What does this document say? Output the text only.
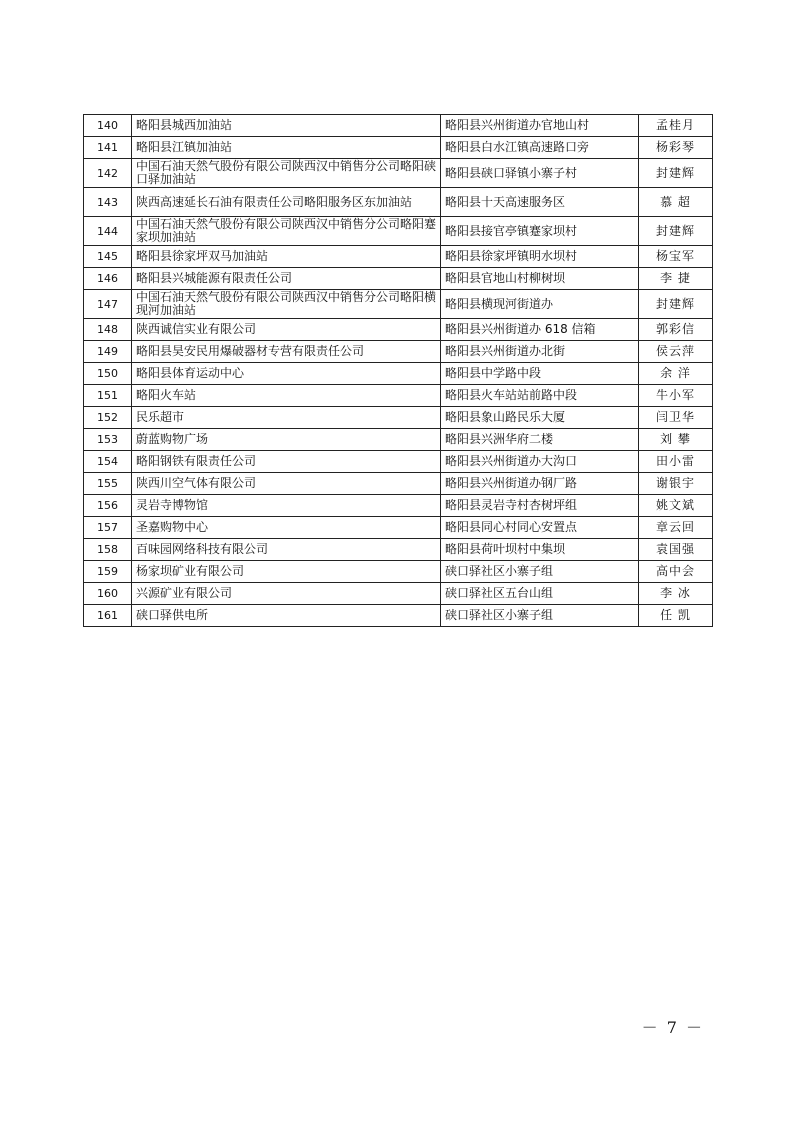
140	略阳县城西加油站	略阳县兴州街道办官地山村	孟桂月
141	略阳县江镇加油站	略阳县白水江镇高速路口旁	杨彩琴
142	中国石油天然气股份有限公司陕西汉中销售分公司略阳硖口驿加油站	略阳县硖口驿镇小寨子村	封建辉
143	陕西高速延长石油有限责任公司略阳服务区东加油站	略阳县十天高速服务区	慕 超
144	中国石油天然气股份有限公司陕西汉中销售分公司略阳蹇家坝加油站	略阳县接官亭镇蹇家坝村	封建辉
145	略阳县徐家坪双马加油站	略阳县徐家坪镇明水坝村	杨宝军
146	略阳县兴城能源有限责任公司	略阳县官地山村柳树坝	李 捷
147	中国石油天然气股份有限公司陕西汉中销售分公司略阳横现河加油站	略阳县横现河街道办	封建辉
148	陕西诚信实业有限公司	略阳县兴州街道办 618 信箱	郭彩信
149	略阳县昊安民用爆破器材专营有限责任公司	略阳县兴州街道办北街	侯云萍
150	略阳县体育运动中心	略阳县中学路中段	余 洋
151	略阳火车站	略阳县火车站站前路中段	牛小军
152	民乐超市	略阳县象山路民乐大厦	闫卫华
153	蔚蓝购物广场	略阳县兴洲华府二楼	刘 攀
154	略阳钢铁有限责任公司	略阳县兴州街道办大沟口	田小雷
155	陕西川空气体有限公司	略阳县兴州街道办钢厂路	谢银宇
156	灵岩寺博物馆	略阳县灵岩寺村杏树坪组	姚文斌
157	圣嘉购物中心	略阳县同心村同心安置点	章云回
158	百味园网络科技有限公司	略阳县荷叶坝村中集坝	袁国强
159	杨家坝矿业有限公司	硖口驿社区小寨子组	高中会
160	兴源矿业有限公司	硖口驿社区五台山组	李 冰
161	硖口驿供电所	硖口驿社区小寨子组	任 凯
－ 7 －
